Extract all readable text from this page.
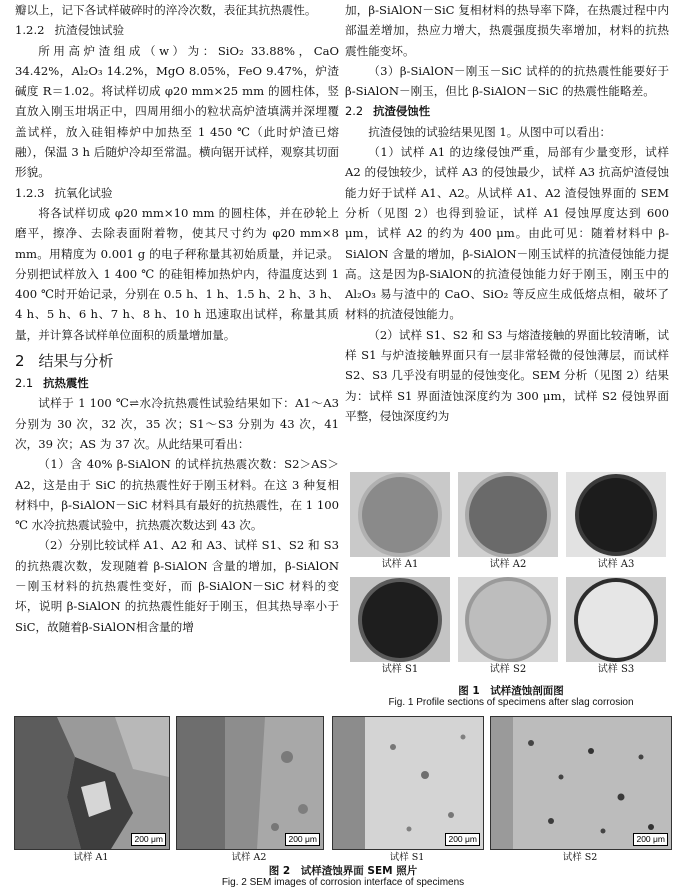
瓣以上，记下各试样破碎时的淬冷次数，表征其抗热震性。

1.2.2 抗渣侵蚀试验

所用高炉渣组成（w）为：SiO₂ 33.88%，CaO 34.42%，Al₂O₃ 14.2%，MgO 8.05%，FeO 9.47%，炉渣碱度 R＝1.02。将试样切成 φ20 mm×25 mm 的圆柱体，竖直放入刚玉坩埚正中，四周用细小的粒状高炉渣填满并深埋覆盖试样，放入硅钼棒炉中加热至 1 450 ℃（此时炉渣已熔融），保温 3 h 后随炉冷却至常温。横向锯开试样，观察其切面形貌。

1.2.3 抗氧化试验

将各试样切成 φ20 mm×10 mm 的圆柱体，并在砂轮上磨平，擦净、去除表面附着物，使其尺寸约为 φ20 mm×8 mm。用精度为 0.001 g 的电子秤称量其初始质量，并记录。分别把试样放入 1 400 ℃ 的硅钼棒加热炉内，待温度达到 1 400 ℃时开始记录，分别在 0.5 h、1 h、1.5 h、2 h、3 h、4 h、5 h、6 h、7 h、8 h、10 h 迅速取出试样，称量其质量，并计算各试样单位面积的质量增加量。

2 结果与分析

2.1 抗热震性

试样于 1 100 ℃⇌水冷抗热震性试验结果如下：A1～A3 分别为 30 次，32 次，35 次；S1～S3 分别为 43 次，41 次，39 次；AS 为 37 次。从此结果可看出：

（1）含 40% β-SiAlON 的试样抗热震次数：S2＞AS＞A2，这是由于 SiC 的抗热震性好于刚玉材料。在这 3 种复相材料中，β-SiAlON－SiC 材料具有最好的抗热震性，在 1 100 ℃ 水冷抗热震试验中，抗热震次数达到 43 次。

（2）分别比较试样 A1、A2 和 A3、试样 S1、S2 和 S3 的抗热震次数，发现随着 β-SiAlON 含量的增加，β-SiAlON－刚玉材料的抗热震性变好，而 β-SiAlON－SiC 材料的变坏，说明 β-SiAlON 的抗热震性能好于刚玉，但其热导率小于SiC，故随着β-SiAlON相含量的增

加，β-SiAlON－SiC 复相材料的热导率下降，在热震过程中内部温差增加，热应力增大，热震强度损失率增加，材料的抗热震性能变坏。

（3）β-SiAlON－刚玉－SiC 试样的的抗热震性能要好于 β-SiAlON－刚玉，但比 β-SiAlON－SiC 的热震性能略差。

2.2 抗渣侵蚀性

抗渣侵蚀的试验结果见图 1。从图中可以看出：

（1）试样 A1 的边缘侵蚀严重，局部有少量变形，试样 A2 的侵蚀较少，试样 A3 的侵蚀最少，试样 A3 抗高炉渣侵蚀能力好于试样 A1、A2。从试样 A1、A2 渣侵蚀界面的 SEM 分析（见图 2）也得到验证，试样 A1 侵蚀厚度达到 600 μm，试样 A2 的约为 400 μm。由此可见：随着材料中 β-SiAlON 含量的增加，β-SiAlON－刚玉试样的抗渣侵蚀能力提高。这是因为β-SiAlON的抗渣侵蚀能力好于刚玉，刚玉中的 Al₂O₃ 易与渣中的 CaO、SiO₂ 等反应生成低熔点相，破坏了材料的抗渣侵蚀能力。

（2）试样 S1、S2 和 S3 与熔渣接触的界面比较清晰，试样 S1 与炉渣接触界面只有一层非常轻微的侵蚀薄层，而试样 S2、S3 几乎没有明显的侵蚀变化。SEM 分析（见图 2）结果为：试样 S1 界面渣蚀深度约为 300 μm，试样 S2 侵蚀界面平整，侵蚀深度约为

试样 A1	试样 A2	试样 A3
试样 S1	试样 S2	试样 S3
图 1　试样渣蚀剖面图
Fig. 1 Profile sections of specimens after slag corrosion
200 μm
试样 A1
200 μm
试样 A2
200 μm
试样 S1
200 μm
试样 S2
图 2　试样渣蚀界面 SEM 照片
Fig. 2 SEM images of corrosion interface of specimens
